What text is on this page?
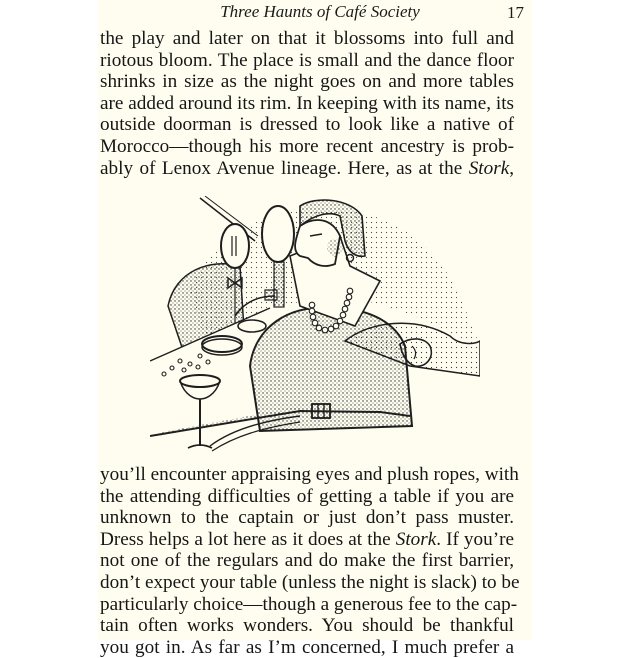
Three Haunts of Café Society	17
the play and later on that it blossoms into full and
riotous bloom. The place is small and the dance floor
shrinks in size as the night goes on and more tables
are added around its rim. In keeping with its name, its
outside doorman is dressed to look like a native of
Morocco—though his more recent ancestry is prob-
ably of Lenox Avenue lineage. Here, as at the Stork,
you’ll encounter appraising eyes and plush ropes, with
the attending difficulties of getting a table if you are
unknown to the captain or just don’t pass muster.
Dress helps a lot here as it does at the Stork. If you’re
not one of the regulars and do make the first barrier,
don’t expect your table (unless the night is slack) to be
particularly choice—though a generous fee to the cap-
tain often works wonders. You should be thankful
you got in. As far as I’m concerned, I much prefer a
